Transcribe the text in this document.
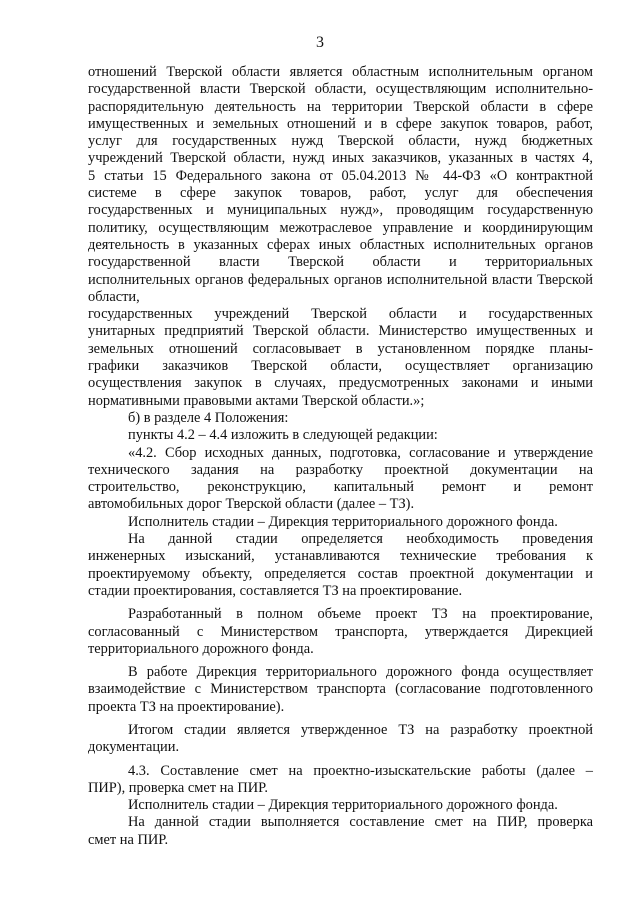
3

отношений Тверской области является областным исполнительным органом

государственной власти Тверской области, осуществляющим исполнительно-

распорядительную деятельность на территории Тверской области в сфере

имущественных и земельных отношений и в сфере закупок товаров, работ,

услуг для государственных нужд Тверской области, нужд бюджетных

учреждений Тверской области, нужд иных заказчиков, указанных в частях 4,

5 статьи 15 Федерального закона от 05.04.2013 № 44-ФЗ «О контрактной

системе в сфере закупок товаров, работ, услуг для обеспечения

государственных и муниципальных нужд», проводящим государственную

политику, осуществляющим межотраслевое управление и координирующим

деятельность в указанных сферах иных областных исполнительных органов

государственной власти Тверской области и территориальных

исполнительных органов федеральных органов исполнительной власти Тверской области,

государственных учреждений Тверской области и государственных

унитарных предприятий Тверской области. Министерство имущественных и

земельных отношений согласовывает в установленном порядке планы-

графики заказчиков Тверской области, осуществляет организацию

осуществления закупок в случаях, предусмотренных законами и иными

нормативными правовыми актами Тверской области.»;

б) в разделе 4 Положения:

пункты 4.2 – 4.4 изложить в следующей редакции:

«4.2. Сбор исходных данных, подготовка, согласование и утверждение

технического задания на разработку проектной документации на

строительство, реконструкцию, капитальный ремонт и ремонт

автомобильных дорог Тверской области (далее – ТЗ).

Исполнитель стадии – Дирекция территориального дорожного фонда.

На данной стадии определяется необходимость проведения

инженерных изысканий, устанавливаются технические требования к

проектируемому объекту, определяется состав проектной документации и

стадии проектирования, составляется ТЗ на проектирование.

Разработанный в полном объеме проект ТЗ на проектирование,

согласованный с Министерством транспорта, утверждается Дирекцией

территориального дорожного фонда.

В работе Дирекция территориального дорожного фонда осуществляет

взаимодействие с Министерством транспорта (согласование подготовленного

проекта ТЗ на проектирование).

Итогом стадии является утвержденное ТЗ на разработку проектной

документации.

4.3. Составление смет на проектно-изыскательские работы (далее –

ПИР), проверка смет на ПИР.

Исполнитель стадии – Дирекция территориального дорожного фонда.

На данной стадии выполняется составление смет на ПИР, проверка

смет на ПИР.
